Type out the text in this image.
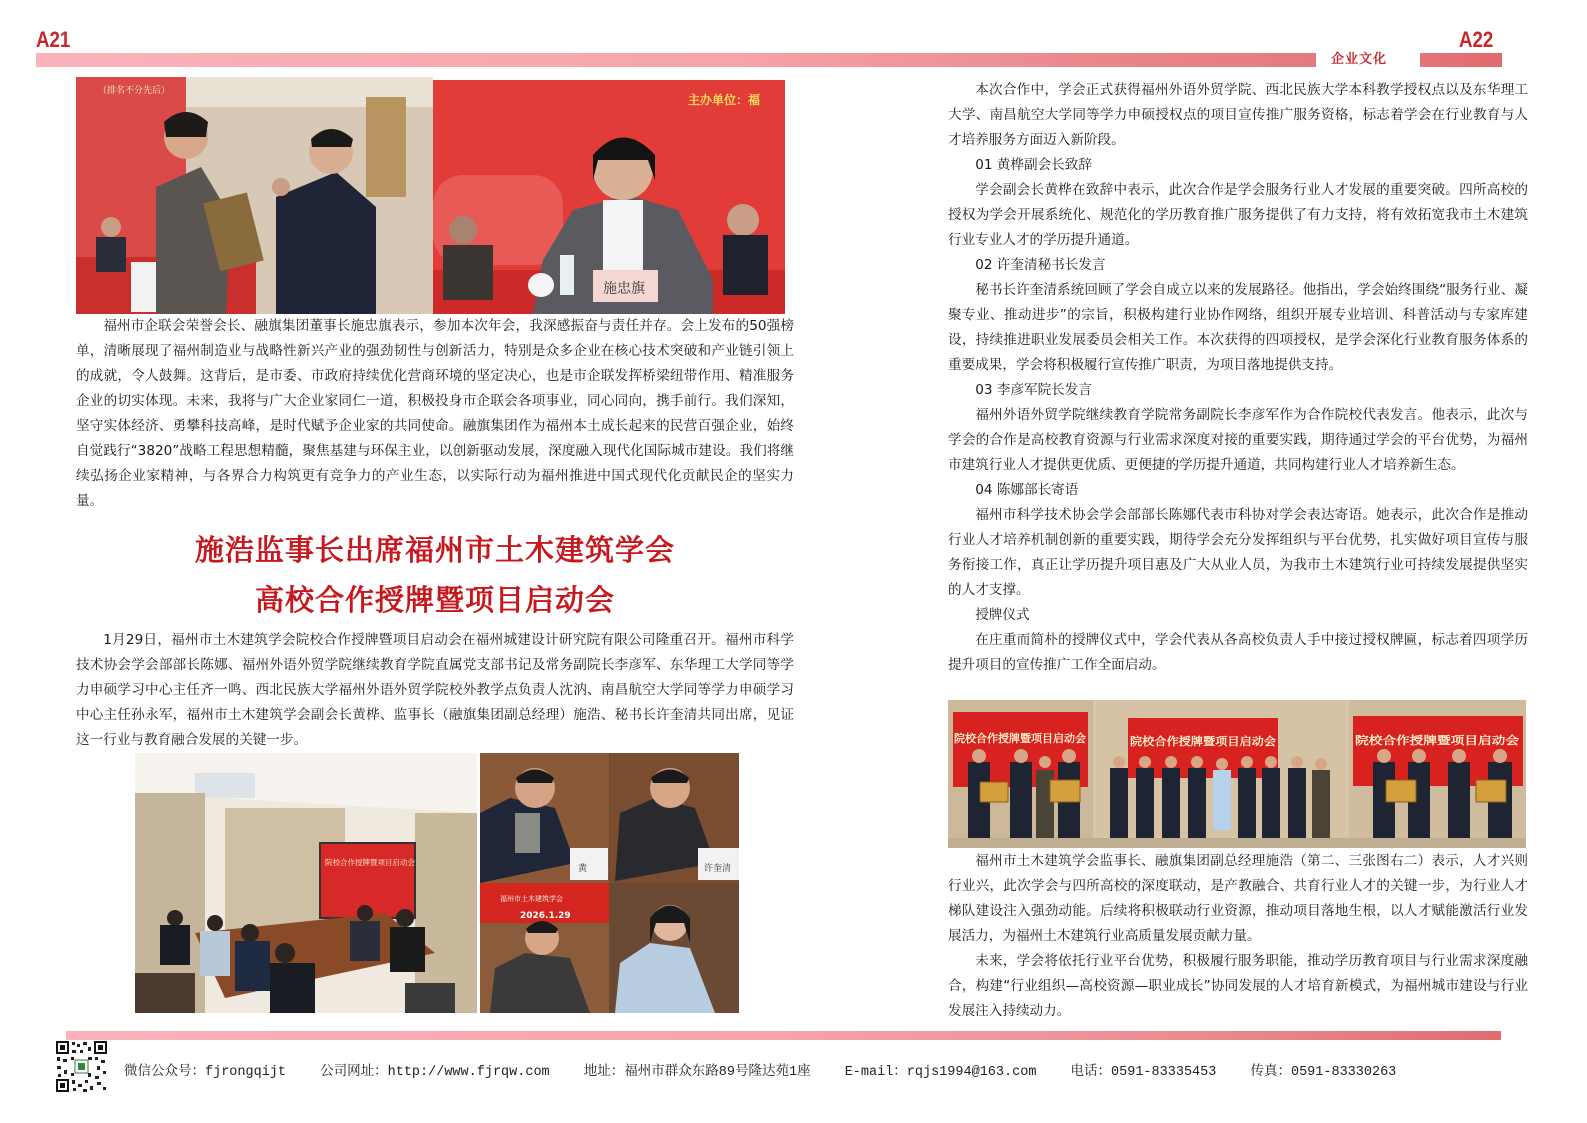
A21	A22
企业文化
（排名不分先后）
施忠旗
主办单位：福

福州市企联会荣誉会长、融旗集团董事长施忠旗表示，参加本次年会，我深感振奋与责任并存。会上发布的50强榜单，清晰展现了福州制造业与战略性新兴产业的强劲韧性与创新活力，特别是众多企业在核心技术突破和产业链引领上的成就，令人鼓舞。这背后，是市委、市政府持续优化营商环境的坚定决心，也是市企联发挥桥梁纽带作用、精准服务企业的切实体现。未来，我将与广大企业家同仁一道，积极投身市企联会各项事业，同心同向，携手前行。我们深知，坚守实体经济、勇攀科技高峰，是时代赋予企业家的共同使命。融旗集团作为福州本土成长起来的民营百强企业，始终自觉践行“3820”战略工程思想精髓，聚焦基建与环保主业，以创新驱动发展，深度融入现代化国际城市建设。我们将继续弘扬企业家精神，与各界合力构筑更有竞争力的产业生态，以实际行动为福州推进中国式现代化贡献民企的坚实力量。

施浩监事长出席福州市土木建筑学会
高校合作授牌暨项目启动会

1月29日，福州市土木建筑学会院校合作授牌暨项目启动会在福州城建设计研究院有限公司隆重召开。福州市科学技术协会学会部部长陈娜、福州外语外贸学院继续教育学院直属党支部书记及常务副院长李彦军、东华理工大学同等学力申硕学习中心主任齐一鸣、西北民族大学福州外语外贸学院校外教学点负责人沈汭、南昌航空大学同等学力申硕学习中心主任孙永军，福州市土木建筑学会副会长黄桦、监事长（融旗集团副总经理）施浩、秘书长许奎清共同出席，见证这一行业与教育融合发展的关键一步。

院校合作授牌暨项目启动会
黄	许奎清
福州市土木建筑学会
2026.1.29

本次合作中，学会正式获得福州外语外贸学院、西北民族大学本科教学授权点以及东华理工大学、南昌航空大学同等学力申硕授权点的项目宣传推广服务资格，标志着学会在行业教育与人才培养服务方面迈入新阶段。

01 黄桦副会长致辞

学会副会长黄桦在致辞中表示，此次合作是学会服务行业人才发展的重要突破。四所高校的授权为学会开展系统化、规范化的学历教育推广服务提供了有力支持，将有效拓宽我市土木建筑行业专业人才的学历提升通道。

02 许奎清秘书长发言

秘书长许奎清系统回顾了学会自成立以来的发展路径。他指出，学会始终围绕“服务行业、凝聚专业、推动进步”的宗旨，积极构建行业协作网络，组织开展专业培训、科普活动与专家库建设，持续推进职业发展委员会相关工作。本次获得的四项授权，是学会深化行业教育服务体系的重要成果，学会将积极履行宣传推广职责，为项目落地提供支持。

03 李彦军院长发言

福州外语外贸学院继续教育学院常务副院长李彦军作为合作院校代表发言。他表示，此次与学会的合作是高校教育资源与行业需求深度对接的重要实践，期待通过学会的平台优势，为福州市建筑行业人才提供更优质、更便捷的学历提升通道，共同构建行业人才培养新生态。

04 陈娜部长寄语

福州市科学技术协会学会部部长陈娜代表市科协对学会表达寄语。她表示，此次合作是推动行业人才培养机制创新的重要实践，期待学会充分发挥组织与平台优势，扎实做好项目宣传与服务衔接工作，真正让学历提升项目惠及广大从业人员，为我市土木建筑行业可持续发展提供坚实的人才支撑。

授牌仪式

在庄重而简朴的授牌仪式中，学会代表从各高校负责人手中接过授权牌匾，标志着四项学历提升项目的宣传推广工作全面启动。

院校合作授牌暨项目启动会	院校合作授牌暨项目启动会	院校合作授牌暨项目启动会

福州市土木建筑学会监事长、融旗集团副总经理施浩（第二、三张图右二）表示，人才兴则行业兴，此次学会与四所高校的深度联动，是产教融合、共育行业人才的关键一步，为行业人才梯队建设注入强劲动能。后续将积极联动行业资源，推动项目落地生根，以人才赋能激活行业发展活力，为福州土木建筑行业高质量发展贡献力量。

未来，学会将依托行业平台优势，积极履行服务职能，推动学历教育项目与行业需求深度融合，构建“行业组织—高校资源—职业成长”协同发展的人才培育新模式，为福州城市建设与行业发展注入持续动力。

微信公众号：fjrongqijt	公司网址：http://www.fjrqw.com	地址：福州市群众东路89号隆达苑1座	E-mail：rqjs1994@163.com	电话：0591-83335453	传真：0591-83330263
